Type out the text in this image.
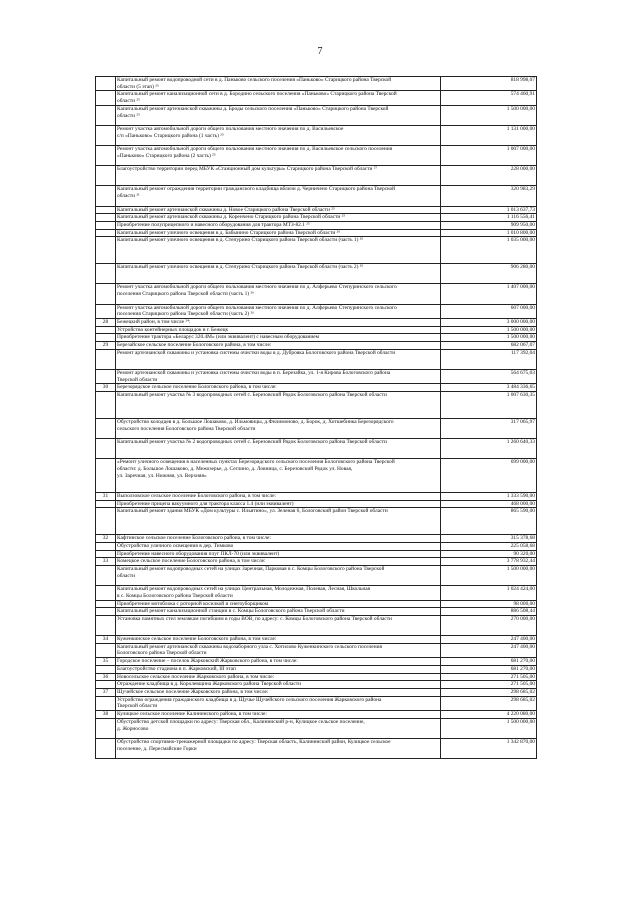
7

	Капитальный ремонт водопроводной сети в д. Паньково сельского поселения «Паньково» Старицкого района Тверской
области (5 этап) ²⁵	818 998,07

	Капитальный ремонт канализационной сети в д. Бородино сельского поселения «Паньково» Старицкого района Тверской
области ²⁵	574 460,91

	Капитальный ремонт артезианской скважины д. Броды сельского поселения «Паньково» Старицкого района Тверской
области ²⁵	1 500 000,00

	Ремонт участка автомобильной дороги общего пользования местного значения по д. Васильевское
с/п «Паньково» Старицкого района (1 часть) ²⁵	1 131 000,00

	Ремонт участка автомобильной дороги общего пользования местного значения по д. Васильевское сельского поселения
«Паньково» Старицкого района (2 часть) ²⁵	1 007 000,00

	Благоустройство территории перед МБУК «Станционный дом культуры» Старицкого района Тверской области ²⁷	228 000,00

	Капитальный ремонт ограждения территории гражданского кладбища вблизи д. Черничено Старицкого района Тверской
области ²¹	320 983,29

	Капитальный ремонт артезианской скважины д. Новое Старицкого района Тверской области ²⁵	1 013 637,73

	Капитальный ремонт артезианской скважины д. Коренчено Старицкого района Тверской области ²⁵	1 116 556,41

	Приобретение полуприцепного и навесного оборудования для трактора МТЗ-82.1 ²⁵	909 950,00

	Капитальный ремонт уличного освещения в д. Бабынино Старицкого района Тверской области ²⁶	1 010 800,00

	Капитальный ремонт уличного освещения в д. Степурино Старицкого района Тверской области (часть 1) ²⁶	1 035 000,00

	Капитальный ремонт уличного освещения в д. Степурино Старицкого района Тверской области (часть 2) ²⁶	906 280,00

	Ремонт участка автомобильной дороги общего пользования местного значения по д. Алферьево Степуринского сельского
поселения Старицкого района Тверской области (часть 1) ²⁶	1 407 000,00

	Ремонт участка автомобильной дороги общего пользования местного значения по д. Алферьево Степуринского сельского
поселения Старицкого района Тверской области (часть 2) ²⁶	607 000,00
28	Бежецкий район, в том числе ²⁴:	3 000 000,00

	Устройство контейнерных площадок в г. Бежецк	1 500 000,00

	Приобретение трактора «Беларус 320.4М» (или эквивалент) с навесным оборудованием	1 500 000,00
29	Березайское сельское поселение Бологовского района, в том числе:	682 067,07

	Ремонт артезианской скважины и установка системы очистки воды в д. Дубровка Бологовского района Тверской области	117 392,04

	Ремонт артезианской скважины и установка системы очистки воды в п. Березайка, ул. 1-я Кирова Бологовского района
Тверской области	564 675,03
30	Березорядское сельское поселение Бологовского района, в том числе:	3 484 336,65

	Капитальный ремонт участка № 3 водопроводных сетей с. Березовский Рядок Бологовского района Тверской области	1 007 630,35

	Обустройство колодцев в д. Большое Лошаково, д. Ильмовицы, д.Филимоново, д. Борок, д. Хотшебинка Березорядского
сельского поселения Бологовского района Тверской области	317 065,97

	Капитальный ремонт участка № 2 водопроводных сетей с. Березовский Рядок Бологовского района Тверской области	1 260 640,33

	«Ремонт уличного освещения в населенных пунктах Березорядского сельского поселения Бологовского района Тверской
области: д. Большое Лошаково, д. Межозерье, д. Сеглино, д. Ловница, с. Березовский Рядок ул. Новая,
ул. Заречная, ул. Нижняя, ул. Верхняя»	699 000,00
31	Выползовское сельское поселение Бологовского района, в том числе:	1 333 590,00

	Приобретение прицепа вакуумного для трактора класса 1.4 (или эквивалент)	468 000,00

	Капитальный ремонт здания МБУК «Дом культуры с. Ильятино», ул. Зеленая 6, Бологовский район Тверской области	865 590,00
32	Кафтинское сельское поселение Бологовского района, в том числе:	315 378,68

	Обустройство уличного освещения в дер. Тимково	225 058,68

	Приобретение навесного оборудования плуг ПКЛ-70 (или эквивалент)	90 320,00
33	Комецкое сельское поселение Бологовского района, в том числе:	3 778 932,44

	Капитальный ремонт водопроводных сетей на улицах Заречная, Парковая в с. Комцы Бологовского района Тверской
области	1 500 000,00

	Капитальный ремонт водопроводных сетей на улицах Центральная, Молодежная, Полевая, Лесная, Школьная
в с. Комцы Бологовского района Тверской области	1 024 424,00

	Приобретение мотоблока с роторной косилкой и снегоуборщиком	98 000,00

	Капитальный ремонт канализационной станции в с. Комцы Бологовского района Тверской области	886 508,44

	Установка памятных стел землякам погибшим в годы ВОВ, по адресу: с. Комцы Бологовского района Тверской области	270 000,00
34	Куженкинское сельское поселение Бологовского района, в том числе:	247 400,00

	Капитальный ремонт артезианской скважины водозаборного узла с. Хотилово Куженкинского сельского поселения
Бологовского района Тверской области	247 400,00
35	Городское поселение – поселок Жарковский Жарковского района, в том числе:	681 270,00

	Благоустройство стадиона в п. Жарковский, III этап	681 270,00
36	Новосельское сельское поселение Жарковского района, в том числе:	271 505,00

	Ограждение кладбища в д. Королевщина Жарковского района Тверской области	271 505,00
37	Щучейское сельское поселение Жарковского района, в том числе:	298 685,02

	Устройство ограждения гражданского кладбища в д. Щучье Щучейского сельского поселения Жарковского района
Тверской области	298 685,02
38	Кулицкое сельское поселение Калининского района, в том числе:	4 220 080,00

	Обустройство детской площадки по адресу: Тверская обл., Калининский р-н, Кулицкое сельское поселение,
д. Жорносово	1 500 000,00

	Обустройство спортивно-тренажерной площадки по адресу: Тверская область, Калининский район, Кулицкое сельское
поселение, д. Пересмайские Горки	1 342 870,00
